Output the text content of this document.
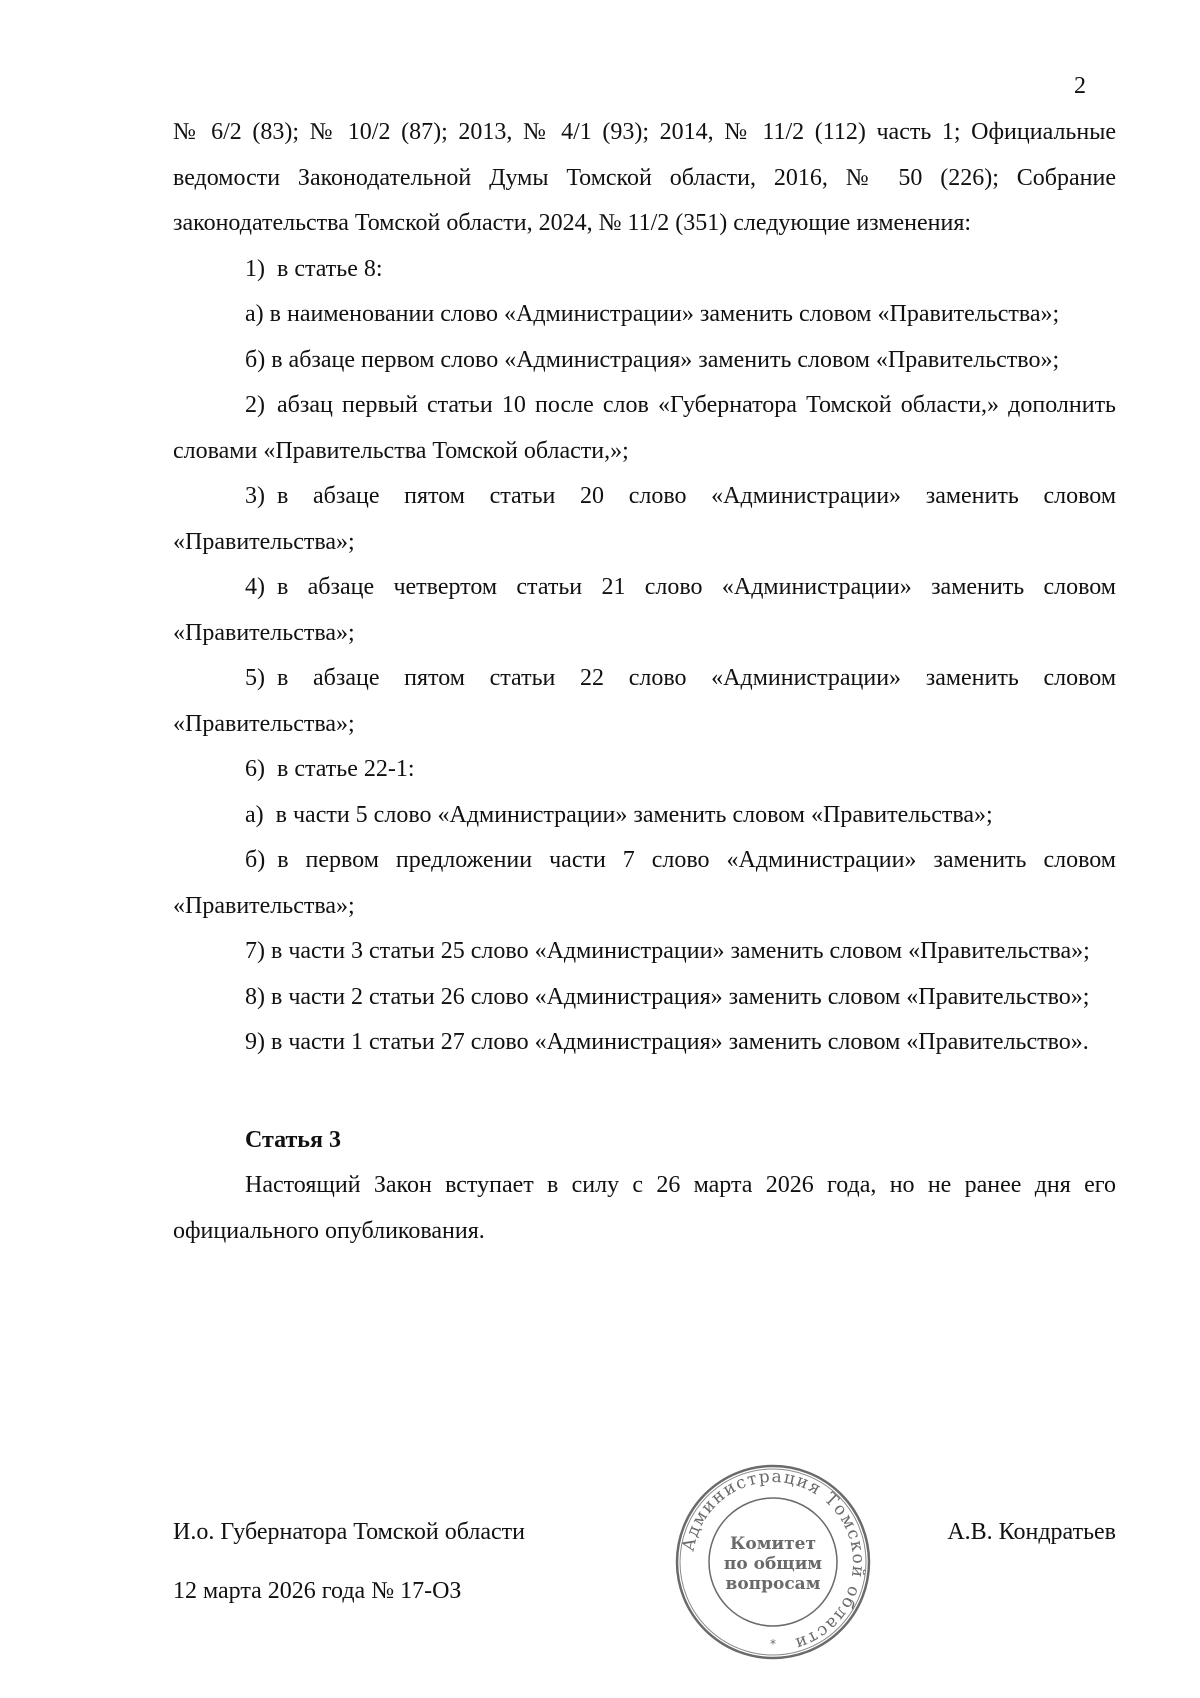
2

№ 6/2 (83); № 10/2 (87); 2013, № 4/1 (93); 2014, № 11/2 (112) часть 1; Официальные ведомости Законодательной Думы Томской области, 2016, № 50 (226); Собрание законодательства Томской области, 2024, № 11/2 (351) следующие изменения:

1) в статье 8:

а) в наименовании слово «Администрации» заменить словом «Правительства»;

б) в абзаце первом слово «Администрация» заменить словом «Правительство»;

2) абзац первый статьи 10 после слов «Губернатора Томской области,» дополнить словами «Правительства Томской области,»;

3) в абзаце пятом статьи 20 слово «Администрации» заменить словом «Правительства»;

4) в абзаце четвертом статьи 21 слово «Администрации» заменить словом «Правительства»;

5) в абзаце пятом статьи 22 слово «Администрации» заменить словом «Правительства»;

6) в статье 22-1:

а) в части 5 слово «Администрации» заменить словом «Правительства»;

б) в первом предложении части 7 слово «Администрации» заменить словом «Правительства»;

7) в части 3 статьи 25 слово «Администрации» заменить словом «Правительства»;

8) в части 2 статьи 26 слово «Администрация» заменить словом «Правительство»;

9) в части 1 статьи 27 слово «Администрация» заменить словом «Правительство».

Статья 3

Настоящий Закон вступает в силу с 26 марта 2026 года, но не ранее дня его официального опубликования.

И.о. Губернатора Томской области	А.В. Кондратьев
12 марта 2026 года № 17-ОЗ
Администрация Томской области
*
Комитет
по общим
вопросам
